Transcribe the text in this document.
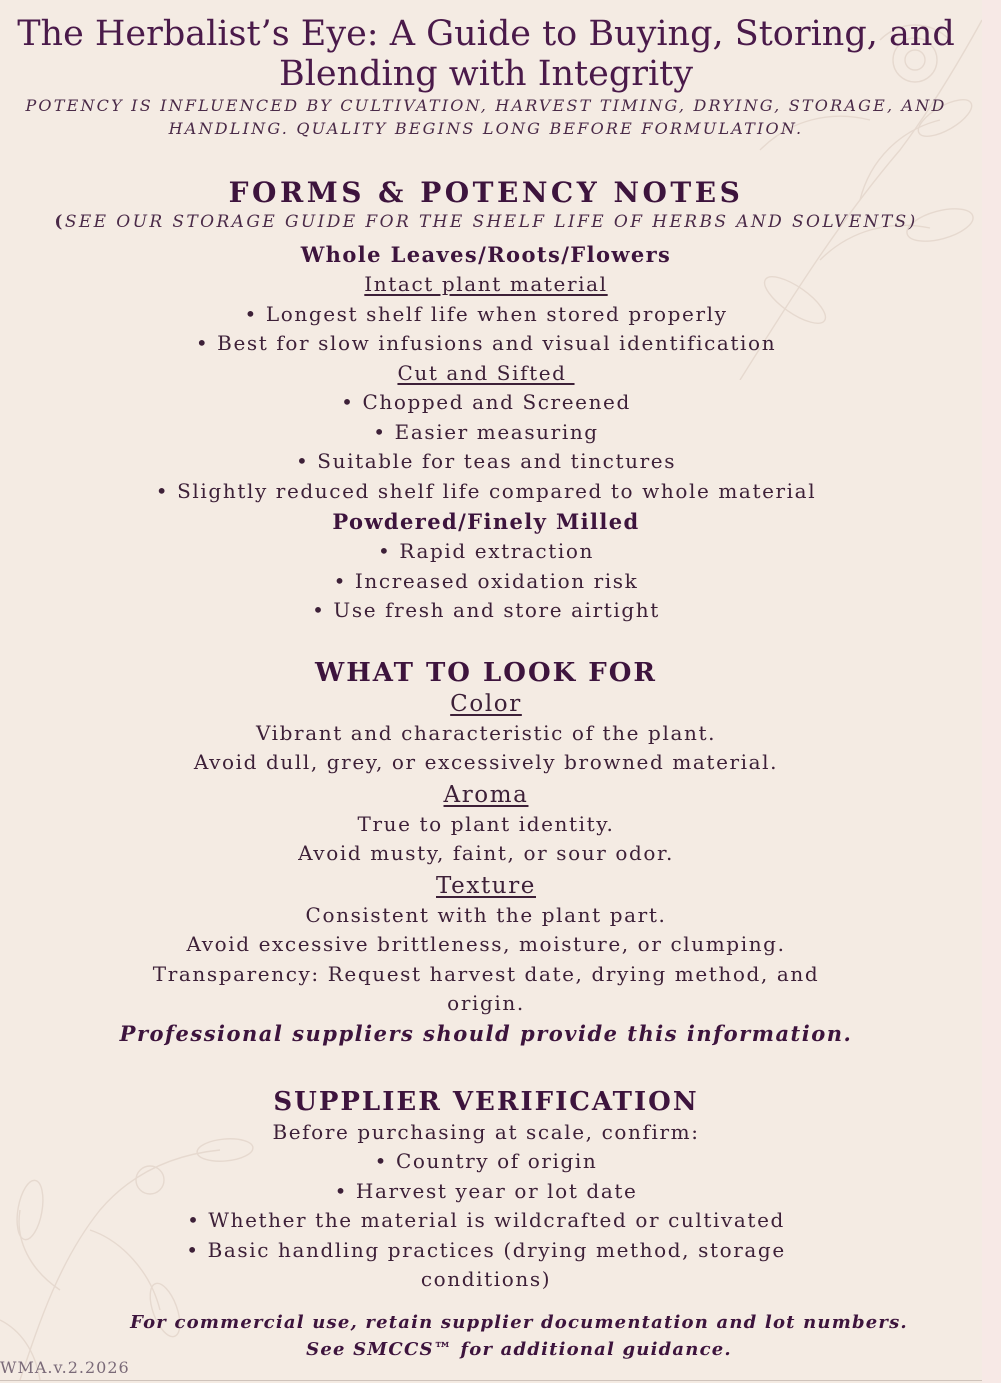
The Herbalist’s Eye: A Guide to Buying, Storing, and
Blending with Integrity
POTENCY IS INFLUENCED BY CULTIVATION, HARVEST TIMING, DRYING, STORAGE, AND
HANDLING. QUALITY BEGINS LONG BEFORE FORMULATION.
FORMS & POTENCY NOTES
(SEE OUR STORAGE GUIDE FOR THE SHELF LIFE OF HERBS AND SOLVENTS)
Whole Leaves/Roots/Flowers
Intact plant material
• Longest shelf life when stored properly
• Best for slow infusions and visual identification
Cut and Sifted
• Chopped and Screened
• Easier measuring
• Suitable for teas and tinctures
• Slightly reduced shelf life compared to whole material
Powdered/Finely Milled
• Rapid extraction
• Increased oxidation risk
• Use fresh and store airtight
WHAT TO LOOK FOR
Color
Vibrant and characteristic of the plant.
Avoid dull, grey, or excessively browned material.
Aroma
True to plant identity.
Avoid musty, faint, or sour odor.
Texture
Consistent with the plant part.
Avoid excessive brittleness, moisture, or clumping.
Transparency: Request harvest date, drying method, and
origin.
Professional suppliers should provide this information.
SUPPLIER VERIFICATION
Before purchasing at scale, confirm:
• Country of origin
• Harvest year or lot date
• Whether the material is wildcrafted or cultivated
• Basic handling practices (drying method, storage
conditions)
For commercial use, retain supplier documentation and lot numbers.
See SMCCS™ for additional guidance.
WMA.v.2.2026
